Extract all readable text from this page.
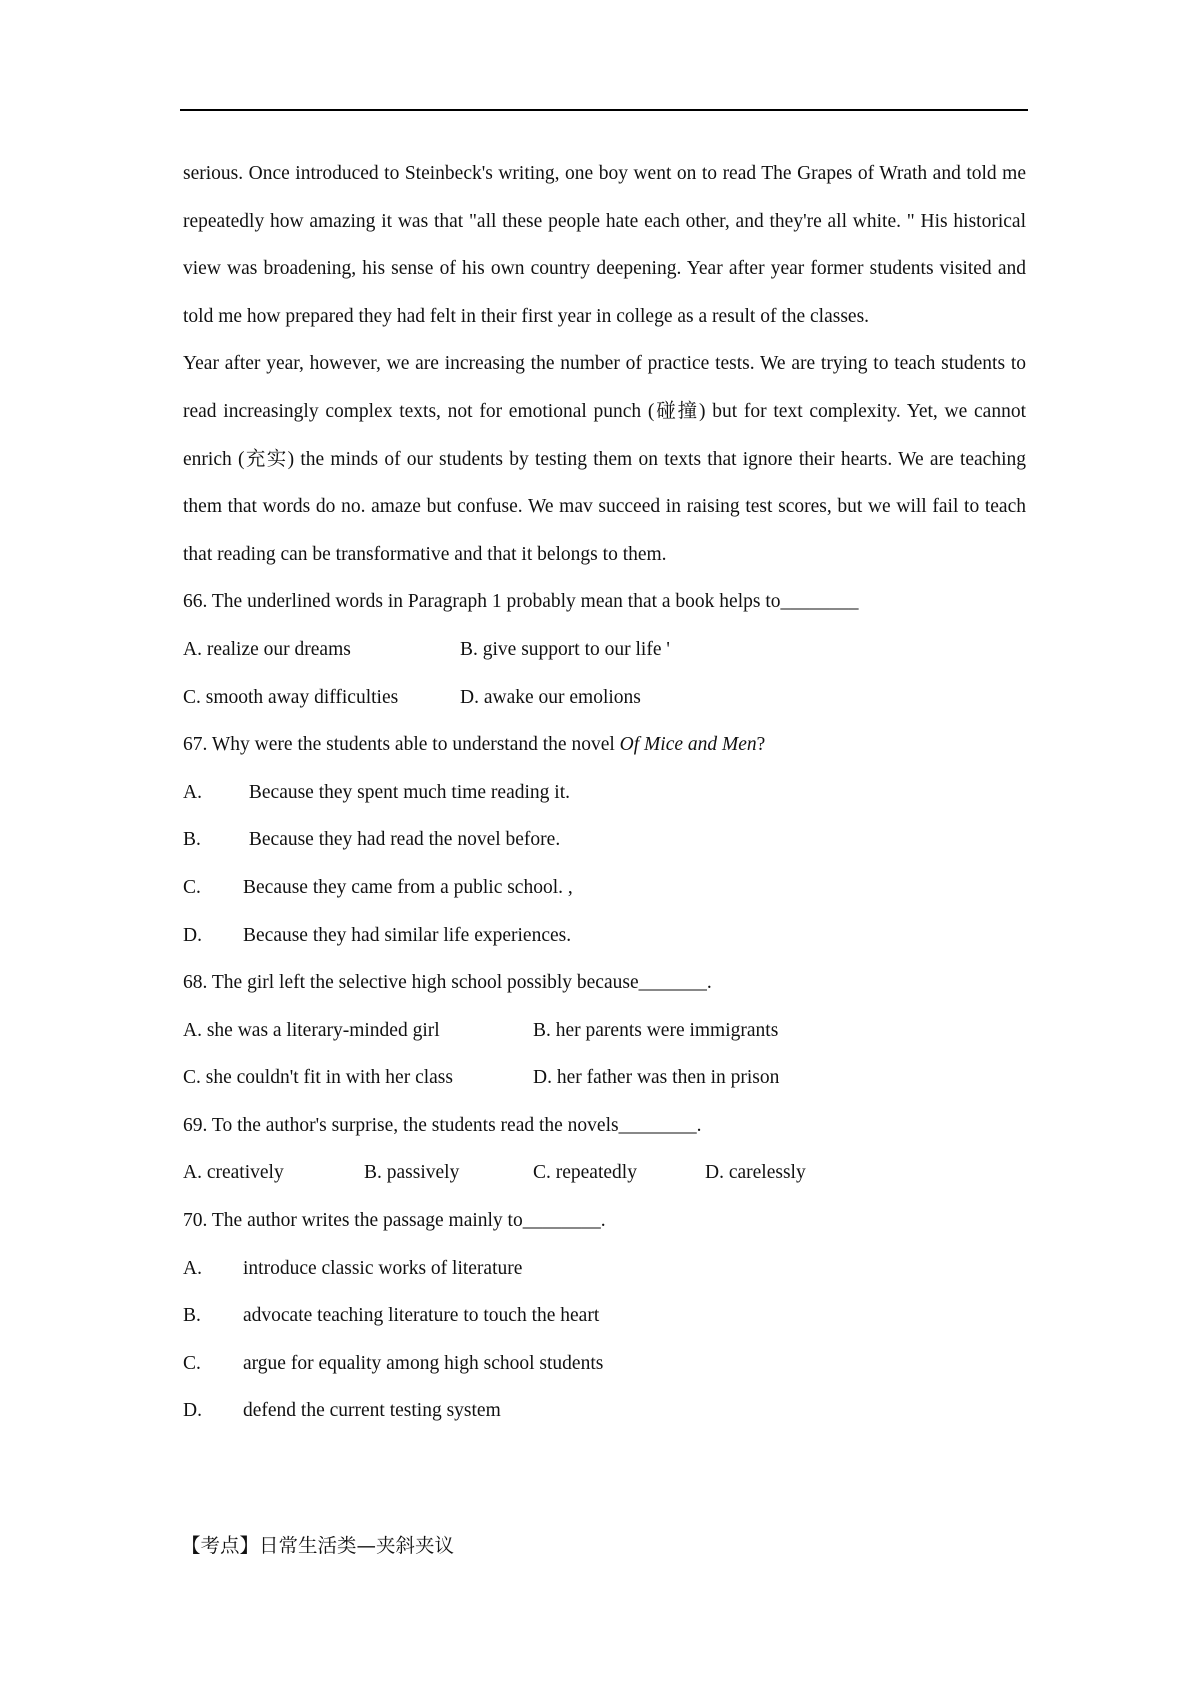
serious. Once introduced to Steinbeck's writing, one boy went on to read The Grapes of Wrath and told me repeatedly how amazing it was that "all these people hate each other, and they're all white. " His historical view was broadening, his sense of his own country deepening. Year after year former students visited and told me how prepared they had felt in their first year in college as a result of the classes.

Year after year, however, we are increasing the number of practice tests. We are trying to teach students to read increasingly complex texts, not for emotional punch (碰撞) but for text complexity. Yet, we cannot enrich (充实) the minds of our students by testing them on texts that ignore their hearts. We are teaching them that words do no. amaze but confuse. We mav succeed in raising test scores, but we will fail to teach that reading can be transformative and that it belongs to them.

66. The underlined words in Paragraph 1 probably mean that a book helps to________
A. realize our dreams	B. give support to our life '
C. smooth away difficulties	D. awake our emolions
67. Why were the students able to understand the novel Of Mice and Men?
A. Because they spent much time reading it.
B. Because they had read the novel before.
C. Because they came from a public school. ,
D. Because they had similar life experiences.
68. The girl left the selective high school possibly because_______.
A. she was a literary-minded girl	B. her parents were immigrants
C. she couldn't fit in with her class	D. her father was then in prison
69. To the author's surprise, the students read the novels________.
A. creatively	B. passively	C. repeatedly	D. carelessly
70. The author writes the passage mainly to________.
A. introduce classic works of literature
B. advocate teaching literature to touch the heart
C. argue for equality among high school students
D. defend the current testing system
【考点】日常生活类—夹斜夹议
